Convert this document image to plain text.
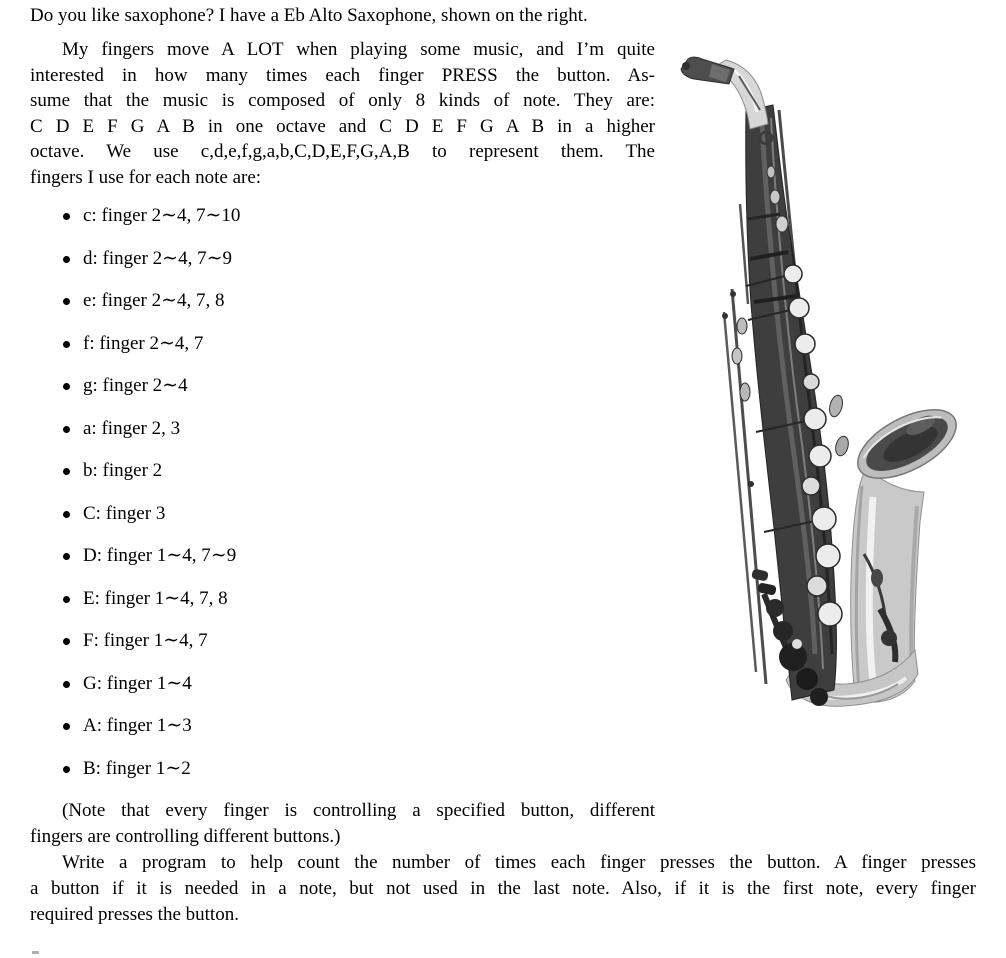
Do you like saxophone? I have a Eb Alto Saxophone, shown on the right.
My fingers move A LOT when playing some music, and I’m quite
interested in how many times each finger PRESS the button. As-
sume that the music is composed of only 8 kinds of note. They are:
C D E F G A B in one octave and C D E F G A B in a higher
octave. We use c,d,e,f,g,a,b,C,D,E,F,G,A,B to represent them. The
fingers I use for each note are:
c: finger 2∼4, 7∼10
d: finger 2∼4, 7∼9
e: finger 2∼4, 7, 8
f: finger 2∼4, 7
g: finger 2∼4
a: finger 2, 3
b: finger 2
C: finger 3
D: finger 1∼4, 7∼9
E: finger 1∼4, 7, 8
F: finger 1∼4, 7
G: finger 1∼4
A: finger 1∼3
B: finger 1∼2
(Note that every finger is controlling a specified button, different
fingers are controlling different buttons.)
Write a program to help count the number of times each finger presses the button. A finger presses
a button if it is needed in a note, but not used in the last note. Also, if it is the first note, every finger
required presses the button.
